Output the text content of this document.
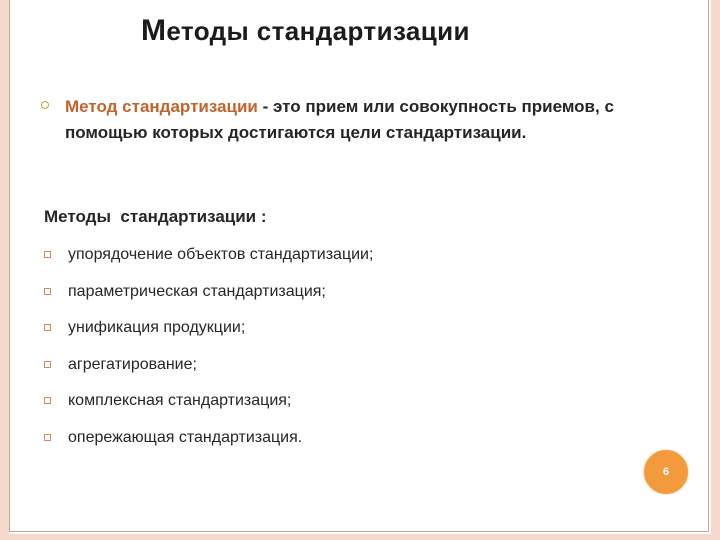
Методы стандартизации
Метод стандартизации - это прием или совокупность приемов, с помощью которых достигаются цели стандартизации.

Методы  стандартизации :

упорядочение объектов стандартизации;
параметрическая стандартизация;
унификация продукции;
агрегатирование;
комплексная стандартизация;
опережающая стандартизация.
6
